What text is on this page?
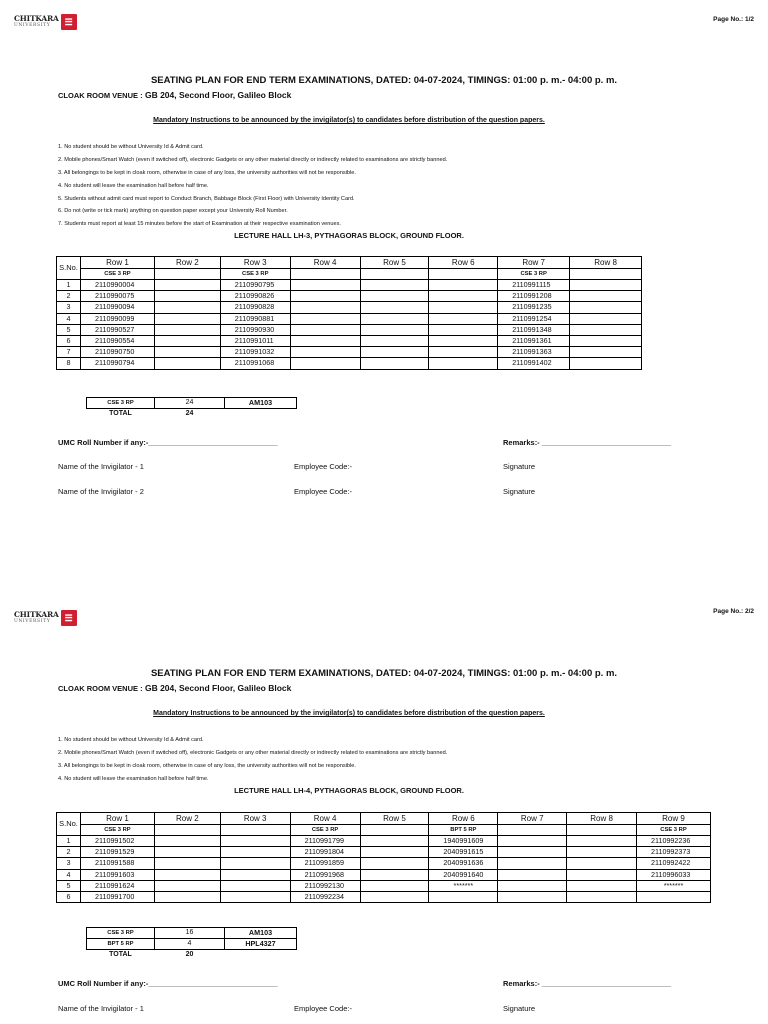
CHITKARA
UNIVERSITY	☰	Page No.: 1/2
SEATING PLAN FOR END TERM EXAMINATIONS, DATED: 04-07-2024, TIMINGS: 01:00 p. m.- 04:00 p. m.
CLOAK ROOM VENUE : GB 204, Second Floor, Galileo Block
Mandatory Instructions to be announced by the invigilator(s) to candidates before distribution of the question papers.
1. No student should be without University Id & Admit card.
2. Mobile phones/Smart Watch (even if switched off), electronic Gadgets or any other material directly or indirectly related to examinations are strictly banned.
3. All belongings to be kept in cloak room, otherwise in case of any loss, the university authorities will not be responsible.
4. No student will leave the examination hall before half time.
5. Students without admit card must report to Conduct Branch, Babbage Block (First Floor) with University Identity Card.
6. Do not (write or tick mark) anything on question paper except your University Roll Number.
7. Students must report at least 15 minutes before the start of Examination at their respective examination venues.
LECTURE HALL LH-3, PYTHAGORAS BLOCK, GROUND FLOOR.
S.No.	Row 1	Row 2	Row 3	Row 4	Row 5	Row 6	Row 7	Row 8
	CSE 3 RP		CSE 3 RP				CSE 3 RP	
1	2110990004		2110990795				2110991115	
2	2110990075		2110990826				2110991208	
3	2110990094		2110990828				2110991235	
4	2110990099		2110990881				2110991254	
5	2110990527		2110990930				2110991348	
6	2110990554		2110991011				2110991361	
7	2110990750		2110991032				2110991363	
8	2110990794		2110991068				2110991402	
CSE 3 RP	24	AM103
TOTAL	24	
UMC Roll Number if any:-_______________________________	Remarks:- _______________________________
Name of the Invigilator - 1	Employee Code:-	Signature
Name of the Invigilator - 2	Employee Code:-	Signature
CHITKARA
UNIVERSITY	☰
Page No.: 2/2
SEATING PLAN FOR END TERM EXAMINATIONS, DATED: 04-07-2024, TIMINGS: 01:00 p. m.- 04:00 p. m.
CLOAK ROOM VENUE : GB 204, Second Floor, Galileo Block
Mandatory Instructions to be announced by the invigilator(s) to candidates before distribution of the question papers.
1. No student should be without University Id & Admit card.
2. Mobile phones/Smart Watch (even if switched off), electronic Gadgets or any other material directly or indirectly related to examinations are strictly banned.
3. All belongings to be kept in cloak room, otherwise in case of any loss, the university authorities will not be responsible.
4. No student will leave the examination hall before half time.
LECTURE HALL LH-4, PYTHAGORAS BLOCK, GROUND FLOOR.
S.No.	Row 1	Row 2	Row 3	Row 4	Row 5	Row 6	Row 7	Row 8	Row 9
	CSE 3 RP			CSE 3 RP		BPT 5 RP			CSE 3 RP
1	2110991502			2110991799		1940991609			2110992236
2	2110991529			2110991804		2040991615			2110992373
3	2110991588			2110991859		2040991636			2110992422
4	2110991603			2110991968		2040991640			2110996033
5	2110991624			2110992130		*******			*******
6	2110991700			2110992234					
CSE 3 RP	16	AM103
BPT 5 RP	4	HPL4327
TOTAL	20	
UMC Roll Number if any:-_______________________________	Remarks:- _______________________________
Name of the Invigilator - 1	Employee Code:-	Signature
